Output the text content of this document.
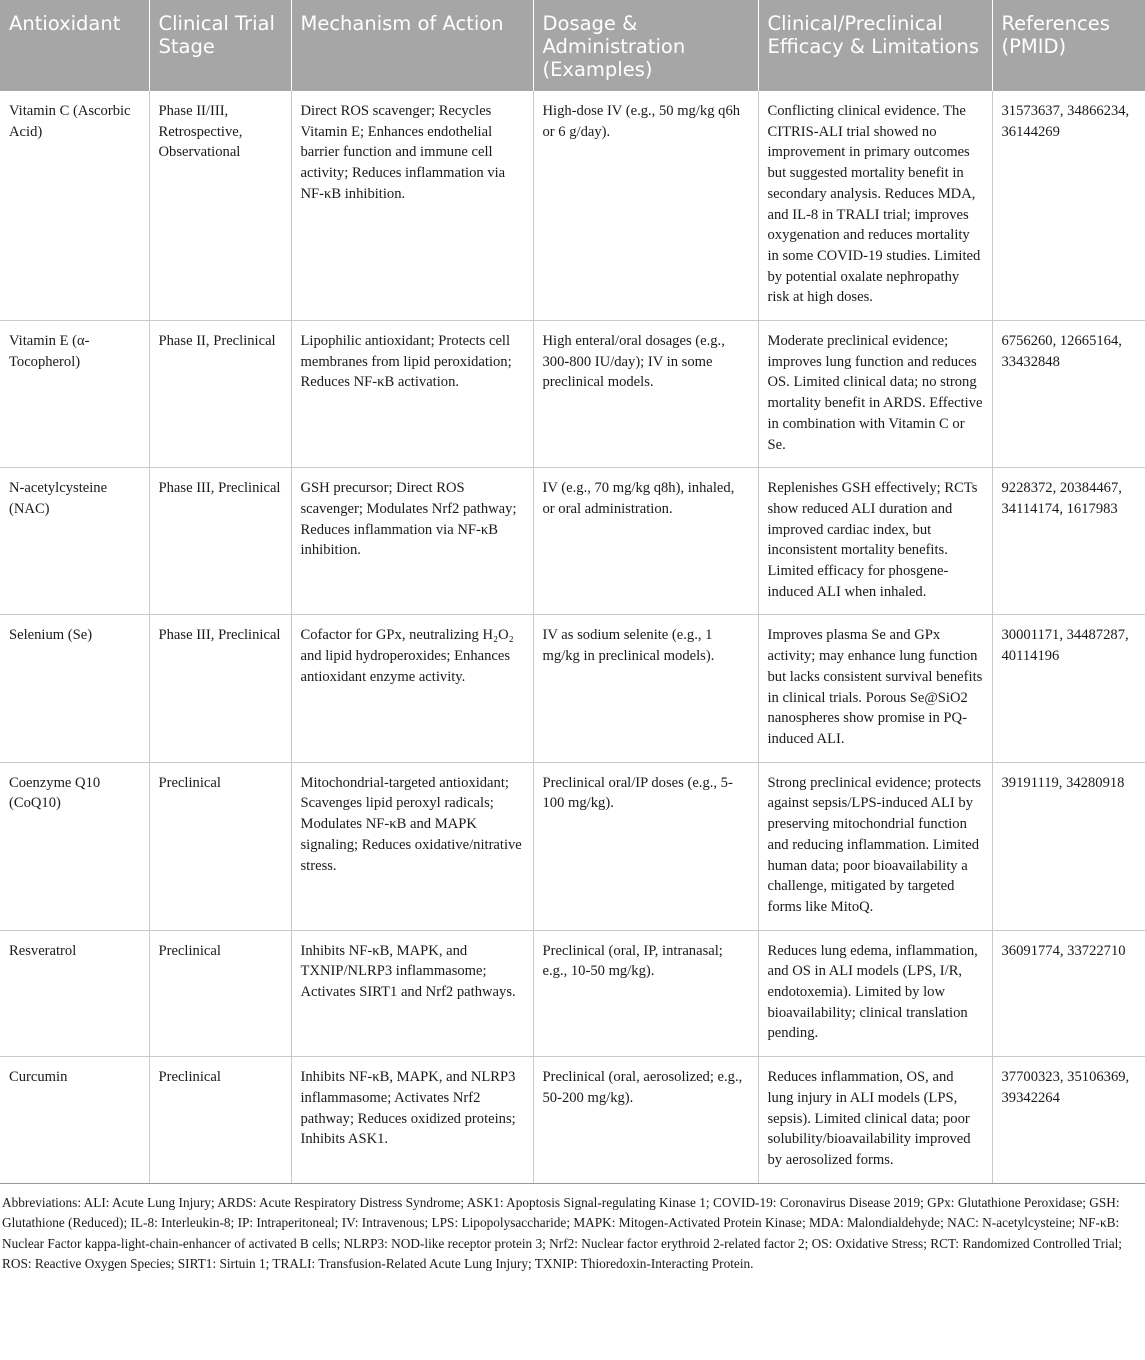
Antioxidant	Clinical Trial Stage	Mechanism of Action	Dosage & Administration (Examples)	Clinical/Preclinical Efficacy & Limitations	References (PMID)
Vitamin C (Ascorbic Acid)	Phase II/III, Retrospective, Observational	Direct ROS scavenger; Recycles Vitamin E; Enhances endothelial barrier function and immune cell activity; Reduces inflammation via NF-κB inhibition.	High-dose IV (e.g., 50 mg/kg q6h or 6 g/day).	Conflicting clinical evidence. The CITRIS-ALI trial showed no improvement in primary outcomes but suggested mortality benefit in secondary analysis. Reduces MDA, and IL-8 in TRALI trial; improves oxygenation and reduces mortality in some COVID-19 studies. Limited by potential oxalate nephropathy risk at high doses.	31573637, 34866234, 36144269
Vitamin E (α-Tocopherol)	Phase II, Preclinical	Lipophilic antioxidant; Protects cell membranes from lipid peroxidation; Reduces NF-κB activation.	High enteral/oral dosages (e.g., 300-800 IU/day); IV in some preclinical models.	Moderate preclinical evidence; improves lung function and reduces OS. Limited clinical data; no strong mortality benefit in ARDS. Effective in combination with Vitamin C or Se.	6756260, 12665164, 33432848
N-acetylcysteine (NAC)	Phase III, Preclinical	GSH precursor; Direct ROS scavenger; Modulates Nrf2 pathway; Reduces inflammation via NF-κB inhibition.	IV (e.g., 70 mg/kg q8h), inhaled, or oral administration.	Replenishes GSH effectively; RCTs show reduced ALI duration and improved cardiac index, but inconsistent mortality benefits. Limited efficacy for phosgene-induced ALI when inhaled.	9228372, 20384467, 34114174, 1617983
Selenium (Se)	Phase III, Preclinical	Cofactor for GPx, neutralizing H₂O₂ and lipid hydroperoxides; Enhances antioxidant enzyme activity.	IV as sodium selenite (e.g., 1 mg/kg in preclinical models).	Improves plasma Se and GPx activity; may enhance lung function but lacks consistent survival benefits in clinical trials. Porous Se@SiO2 nanospheres show promise in PQ-induced ALI.	30001171, 34487287, 40114196
Coenzyme Q10 (CoQ10)	Preclinical	Mitochondrial-targeted antioxidant; Scavenges lipid peroxyl radicals; Modulates NF-κB and MAPK signaling; Reduces oxidative/nitrative stress.	Preclinical oral/IP doses (e.g., 5-100 mg/kg).	Strong preclinical evidence; protects against sepsis/LPS-induced ALI by preserving mitochondrial function and reducing inflammation. Limited human data; poor bioavailability a challenge, mitigated by targeted forms like MitoQ.	39191119, 34280918
Resveratrol	Preclinical	Inhibits NF-κB, MAPK, and TXNIP/NLRP3 inflammasome; Activates SIRT1 and Nrf2 pathways.	Preclinical (oral, IP, intranasal; e.g., 10-50 mg/kg).	Reduces lung edema, inflammation, and OS in ALI models (LPS, I/R, endotoxemia). Limited by low bioavailability; clinical translation pending.	36091774, 33722710
Curcumin	Preclinical	Inhibits NF-κB, MAPK, and NLRP3 inflammasome; Activates Nrf2 pathway; Reduces oxidized proteins; Inhibits ASK1.	Preclinical (oral, aerosolized; e.g., 50-200 mg/kg).	Reduces inflammation, OS, and lung injury in ALI models (LPS, sepsis). Limited clinical data; poor solubility/bioavailability improved by aerosolized forms.	37700323, 35106369, 39342264
Abbreviations: ALI: Acute Lung Injury; ARDS: Acute Respiratory Distress Syndrome; ASK1: Apoptosis Signal-regulating Kinase 1; COVID-19: Coronavirus Disease 2019; GPx: Glutathione Peroxidase; GSH: Glutathione (Reduced); IL-8: Interleukin-8; IP: Intraperitoneal; IV: Intravenous; LPS: Lipopolysaccharide; MAPK: Mitogen-Activated Protein Kinase; MDA: Malondialdehyde; NAC: N-acetylcysteine; NF-κB: Nuclear Factor kappa-light-chain-enhancer of activated B cells; NLRP3: NOD-like receptor protein 3; Nrf2: Nuclear factor erythroid 2-related factor 2; OS: Oxidative Stress; RCT: Randomized Controlled Trial; ROS: Reactive Oxygen Species; SIRT1: Sirtuin 1; TRALI: Transfusion-Related Acute Lung Injury; TXNIP: Thioredoxin-Interacting Protein.
